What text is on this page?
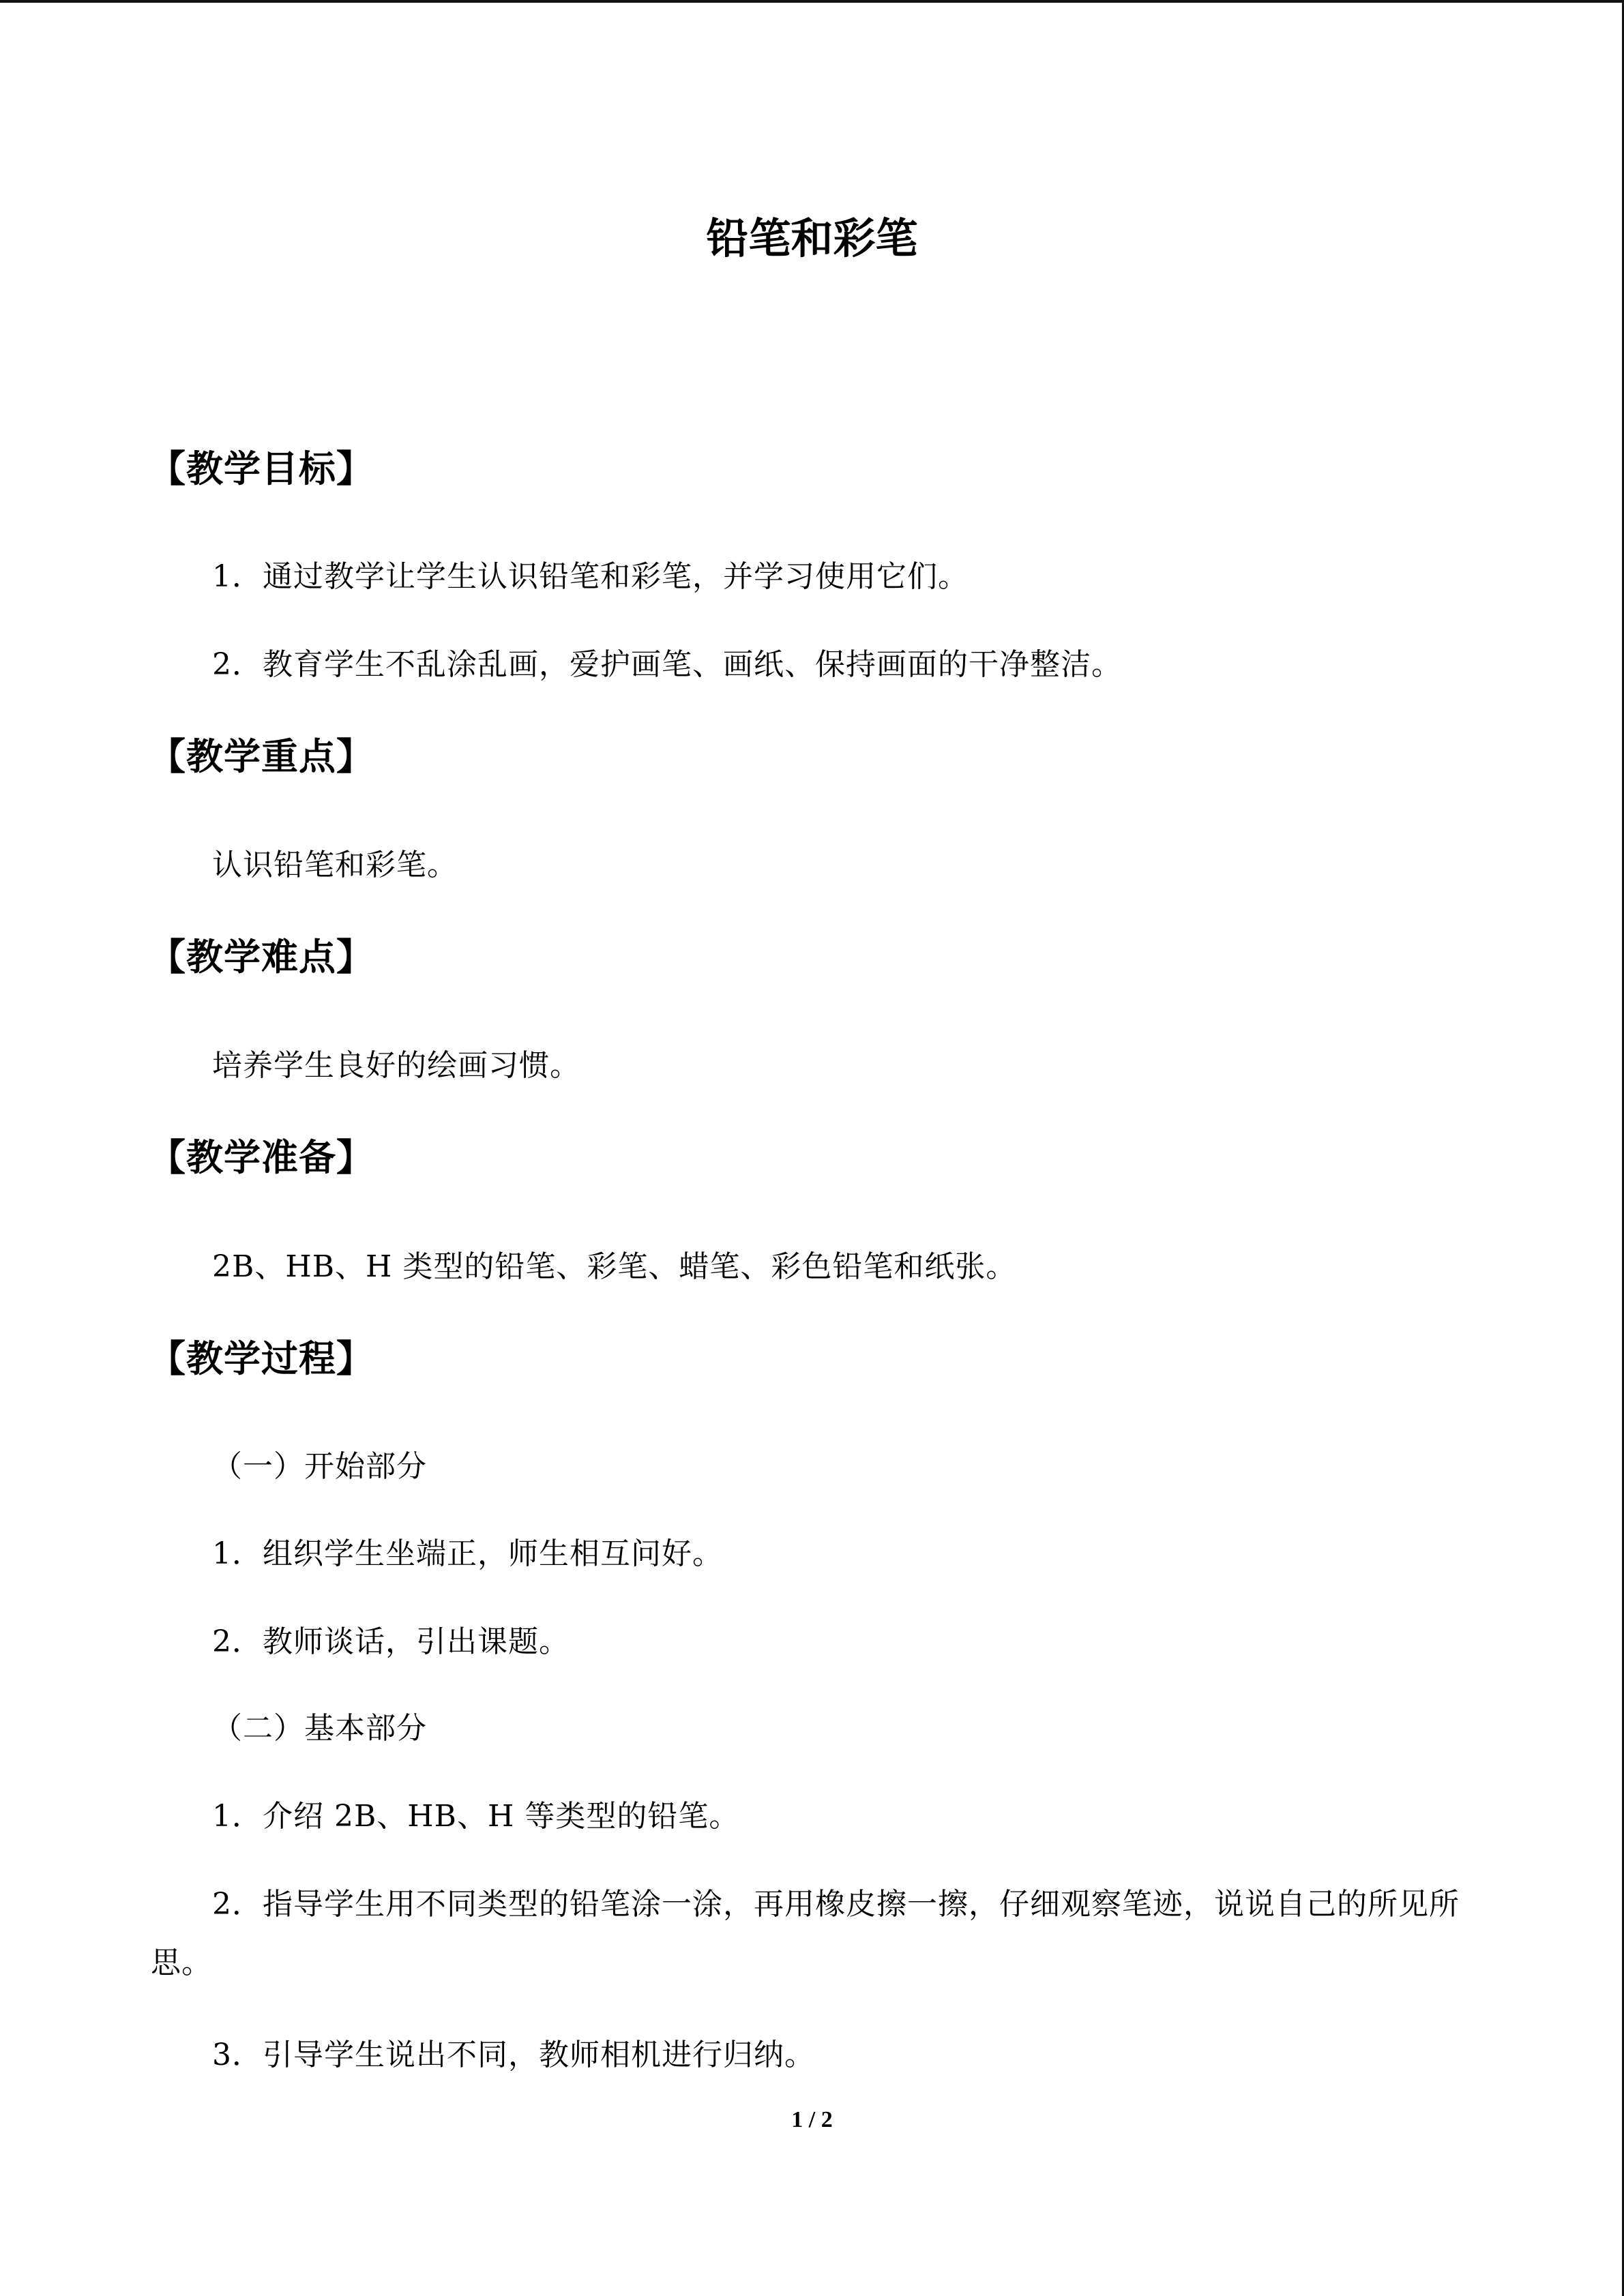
铅笔和彩笔
【教学目标】
1．通过教学让学生认识铅笔和彩笔，并学习使用它们。
2．教育学生不乱涂乱画，爱护画笔、画纸、保持画面的干净整洁。
【教学重点】
认识铅笔和彩笔。
【教学难点】
培养学生良好的绘画习惯。
【教学准备】
2B、HB、H 类型的铅笔、彩笔、蜡笔、彩色铅笔和纸张。
【教学过程】
（一）开始部分
1．组织学生坐端正，师生相互问好。
2．教师谈话，引出课题。
（二）基本部分
1．介绍 2B、HB、H 等类型的铅笔。
2．指导学生用不同类型的铅笔涂一涂，再用橡皮擦一擦，仔细观察笔迹，说说自己的所见所思。
3．引导学生说出不同，教师相机进行归纳。
1 / 2
